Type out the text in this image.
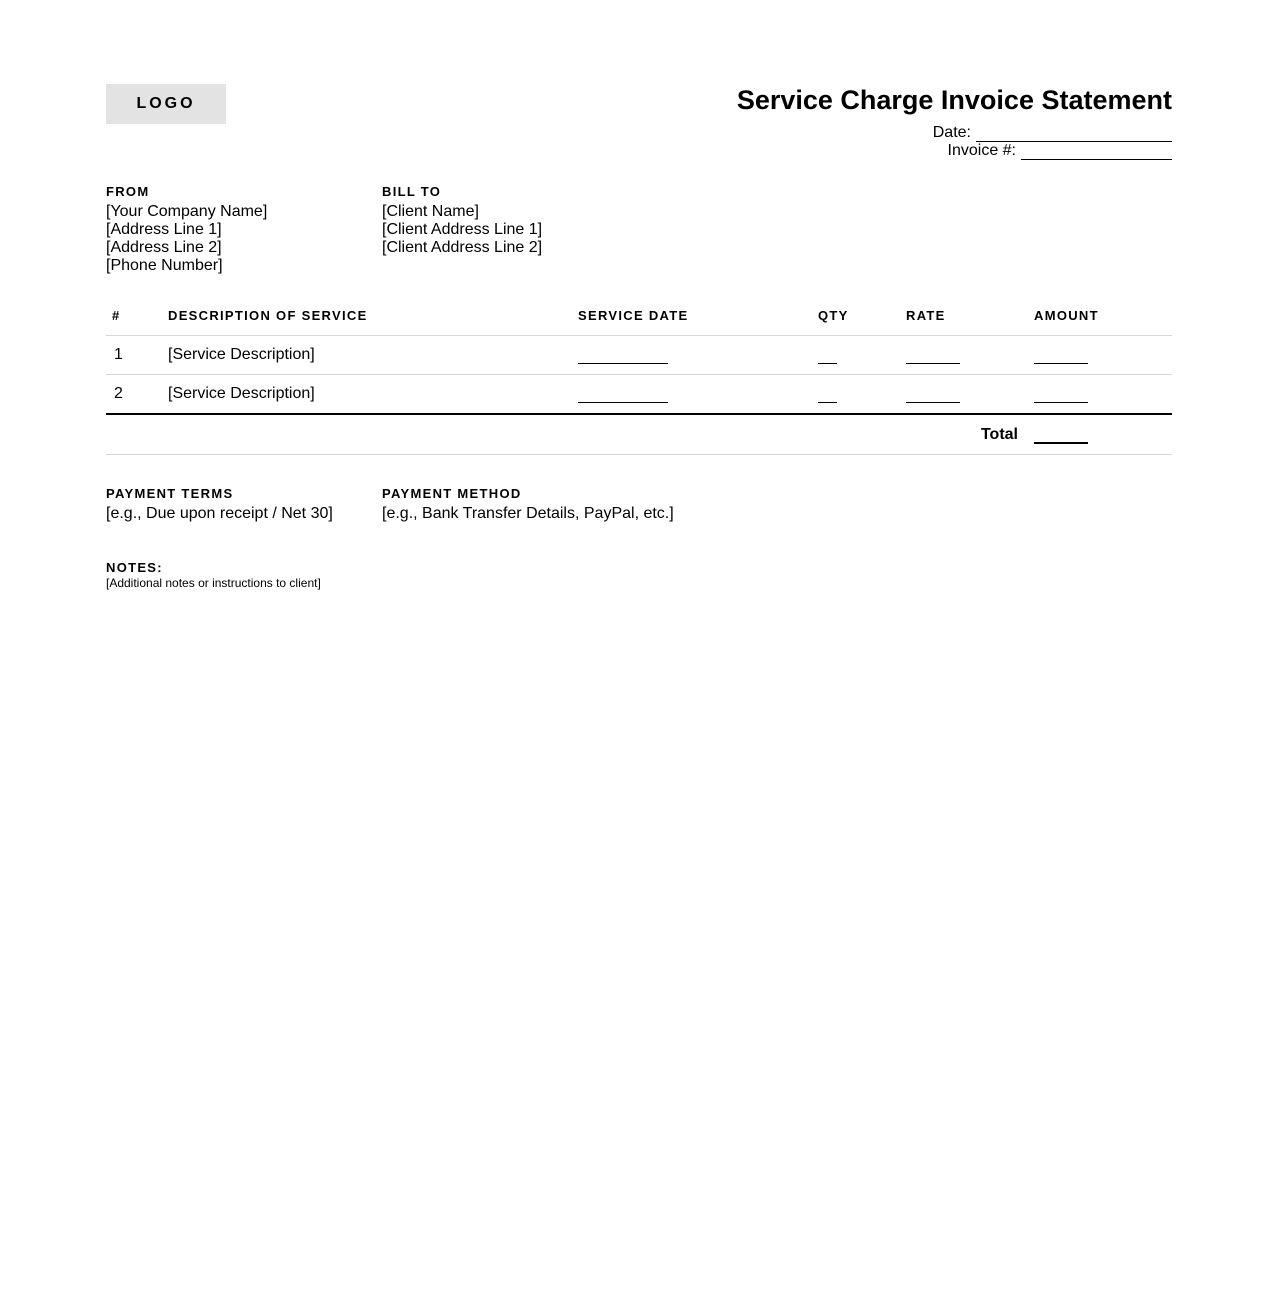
LOGO	Service Charge Invoice Statement
Date:
Invoice #:
FROM
[Your Company Name]
[Address Line 1]
[Address Line 2]
[Phone Number]
BILL TO
[Client Name]
[Client Address Line 1]
[Client Address Line 2]
#	DESCRIPTION OF SERVICE	SERVICE DATE	QTY	RATE	AMOUNT
1	[Service Description]				
2	[Service Description]				
Total					
PAYMENT TERMS
[e.g., Due upon receipt / Net 30]
PAYMENT METHOD
[e.g., Bank Transfer Details, PayPal, etc.]
NOTES:
[Additional notes or instructions to client]
